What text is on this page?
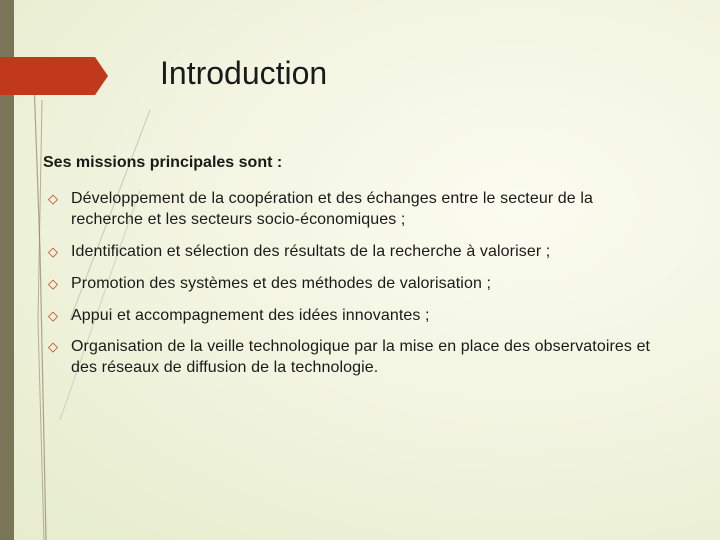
Introduction
Ses missions principales sont :
◇ Développement de la coopération et des échanges entre le secteur de la recherche et les secteurs socio-économiques ;
◇ Identification et sélection des résultats de la recherche à valoriser ;
◇ Promotion des systèmes et des méthodes de valorisation ;
◇ Appui et accompagnement des idées innovantes ;
◇ Organisation de la veille technologique par la mise en place des observatoires et des réseaux de diffusion de la technologie.
